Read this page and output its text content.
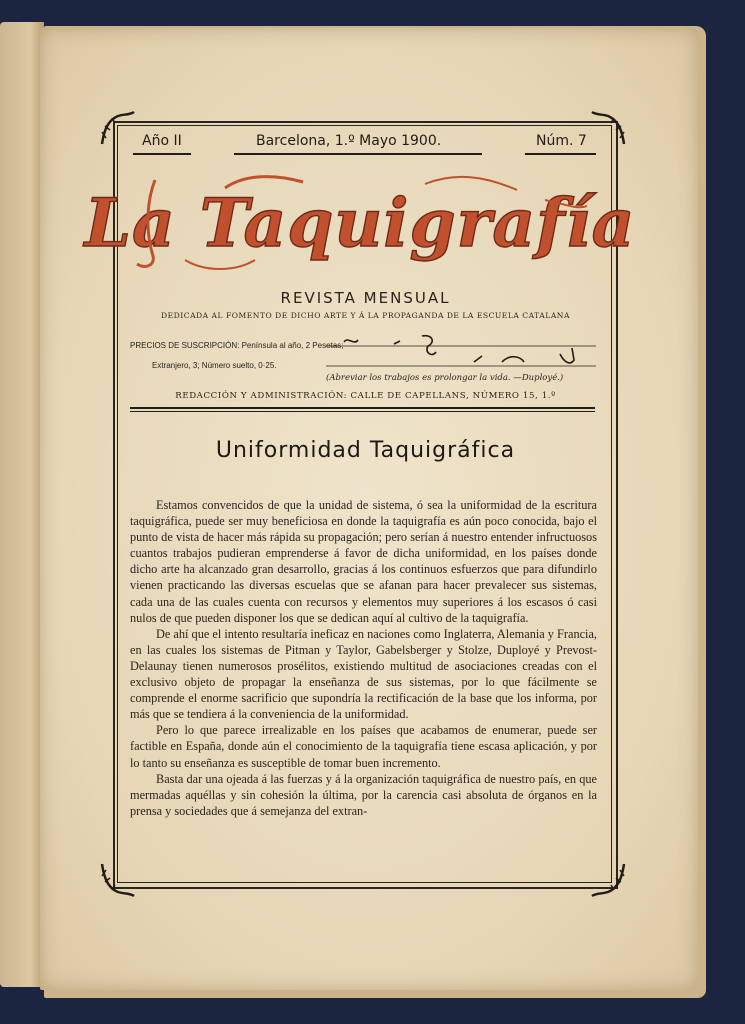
Año II	Barcelona, 1.º Mayo 1900.	Núm. 7
La Taquigrafía
REVISTA MENSUAL
DEDICADA AL FOMENTO DE DICHO ARTE Y Á LA PROPAGANDA DE LA ESCUELA CATALANA
PRECIOS DE SUSCRIPCIÓN: Península al año, 2 Pesetas;
Extranjero, 3; Número suelto, 0·25.
(Abreviar los trabajos es prolongar la vida. —Duployé.)
REDACCIÓN Y ADMINISTRACIÓN: CALLE DE CAPELLANS, NÚMERO 15, 1.º
Uniformidad Taquigráfica

Estamos convencidos de que la unidad de sistema, ó sea la uniformidad de la escritura taquigráfica, puede ser muy beneficiosa en donde la taquigrafía es aún poco conocida, bajo el punto de vista de hacer más rápida su propagación; pero serían á nuestro entender infructuosos cuantos trabajos pudieran emprenderse á favor de dicha uniformidad, en los países donde dicho arte ha alcanzado gran desarrollo, gracias á los continuos esfuerzos que para difundirlo vienen practicando las diversas escuelas que se afanan para hacer prevalecer sus sistemas, cada una de las cuales cuenta con recursos y elementos muy superiores á los escasos ó casi nulos de que pueden disponer los que se dedican aquí al cultivo de la taquigrafía.

De ahí que el intento resultaría ineficaz en naciones como Inglaterra, Alemania y Francia, en las cuales los sistemas de Pitman y Taylor, Gabelsberger y Stolze, Duployé y Prevost-Delaunay tienen numerosos prosélitos, existiendo multitud de asociaciones creadas con el exclusivo objeto de propagar la enseñanza de sus sistemas, por lo que fácilmente se comprende el enorme sacrificio que supondría la rectificación de la base que los informa, por más que se tendiera á la conveniencia de la uniformidad.

Pero lo que parece irrealizable en los países que acabamos de enumerar, puede ser factible en España, donde aún el conocimiento de la taquigrafía tiene escasa aplicación, y por lo tanto su enseñanza es susceptible de tomar buen incremento.

Basta dar una ojeada á las fuerzas y á la organización taquigráfica de nuestro país, en que mermadas aquéllas y sin cohesión la última, por la carencia casi absoluta de órganos en la prensa y sociedades que á semejanza del extran-
